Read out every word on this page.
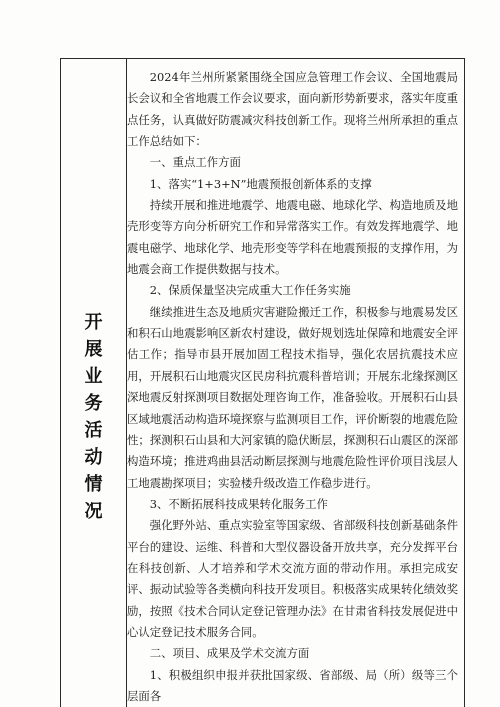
开
展
业
务
活
动
情
况

2024年兰州所紧紧围绕全国应急管理工作会议、全国地震局长会议和全省地震工作会议要求，面向新形势新要求，落实年度重点任务，认真做好防震减灾科技创新工作。现将兰州所承担的重点工作总结如下：

一、重点工作方面

1、落实“1+3+N”地震预报创新体系的支撑

持续开展和推进地震学、地震电磁、地球化学、构造地质及地壳形变等方向分析研究工作和异常落实工作。有效发挥地震学、地震电磁学、地球化学、地壳形变等学科在地震预报的支撑作用，为地震会商工作提供数据与技术。

2、保质保量坚决完成重大工作任务实施

继续推进生态及地质灾害避险搬迁工作，积极参与地震易发区和积石山地震影响区新农村建设，做好规划选址保障和地震安全评估工作；指导市县开展加固工程技术指导，强化农居抗震技术应用，开展积石山地震灾区民房科抗震科普培训；开展东北缘探测区深地震反射探测项目数据处理咨询工作，准备验收。开展积石山县区域地震活动构造环境探察与监测项目工作，评价断裂的地震危险性；探测积石山县和大河家镇的隐伏断层，探测积石山震区的深部构造环境；推进鸡曲县活动断层探测与地震危险性评价项目浅层人工地震勘探项目；实验楼升级改造工作稳步进行。

3、不断拓展科技成果转化服务工作

强化野外站、重点实验室等国家级、省部级科技创新基础条件平台的建设、运维、科普和大型仪器设备开放共享，充分发挥平台在科技创新、人才培养和学术交流方面的带动作用。承担完成安评、振动试验等各类横向科技开发项目。积极落实成果转化绩效奖励，按照《技术合同认定登记管理办法》在甘肃省科技发展促进中心认定登记技术服务合同。

二、项目、成果及学术交流方面

1、积极组织申报并获批国家级、省部级、局（所）级等三个层面各
